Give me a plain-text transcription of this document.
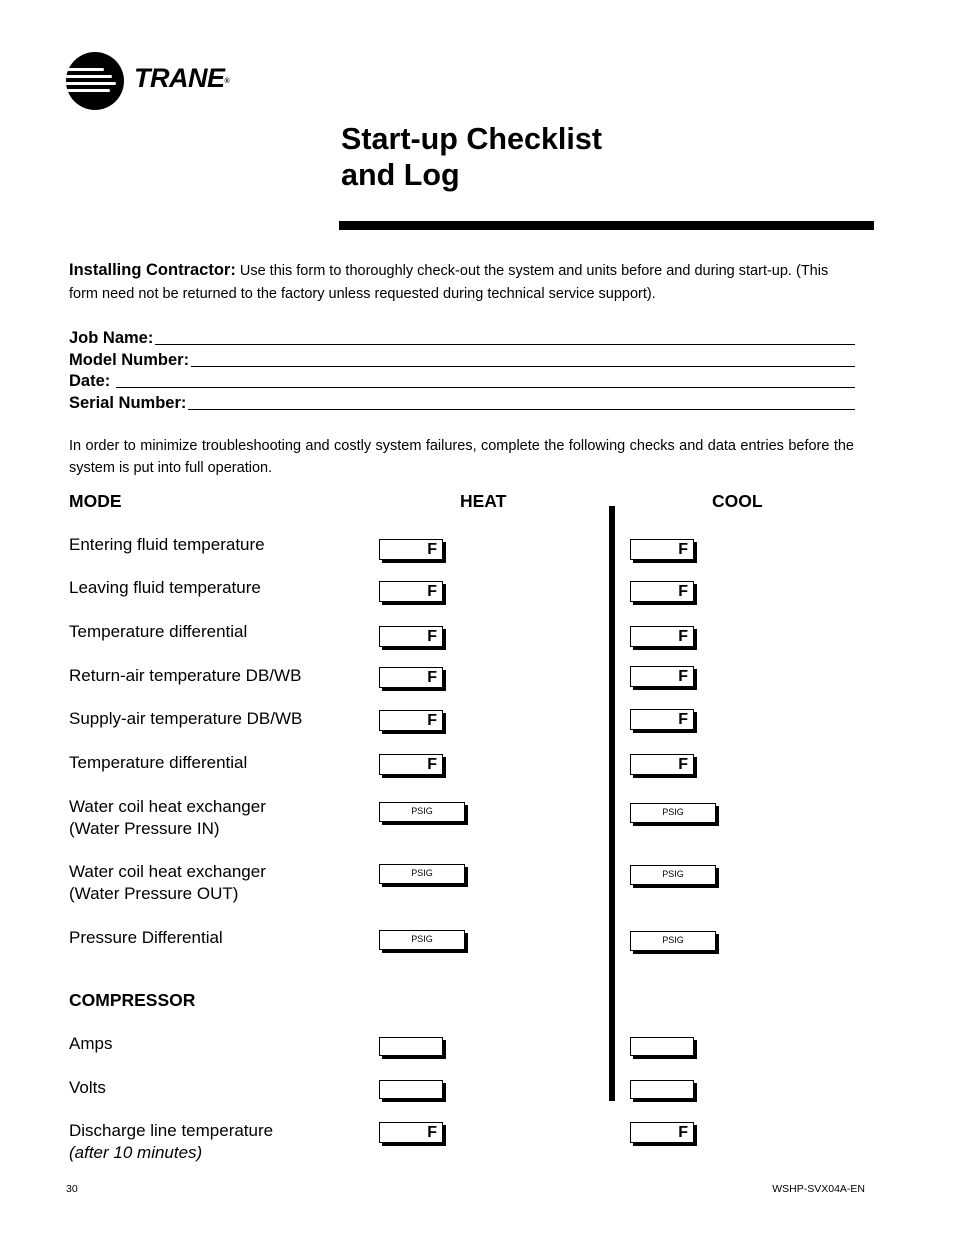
TRANE®
Start-up Checklist
and Log
Installing Contractor: Use this form to thoroughly check-out the system and units before and during start-up. (This form need not be returned to the factory unless requested during technical service support).
Job Name:
Model Number:
Date:
Serial Number:
In order to minimize troubleshooting and costly system failures, complete the following checks and data entries before the system is put into full operation.
MODE	HEAT	COOL
Entering fluid temperature	F	F
Leaving fluid temperature	F	F
Temperature differential	F	F
Return-air temperature DB/WB	F	F
Supply-air temperature DB/WB	F	F
Temperature differential	F	F
Water coil heat exchanger
(Water Pressure IN)
PSIG	PSIG
Water coil heat exchanger
(Water Pressure OUT)
PSIG	PSIG
Pressure Differential	PSIG	PSIG
COMPRESSOR
Amps
Volts
Discharge line temperature
(after 10 minutes)
F	F
30	WSHP-SVX04A-EN
